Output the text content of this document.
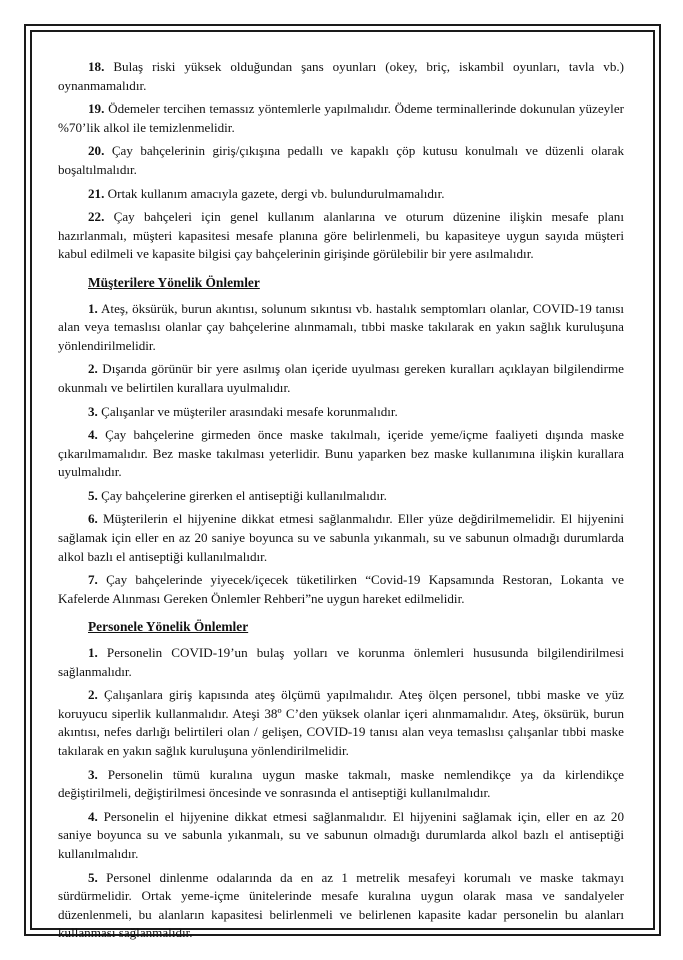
18. Bulaş riski yüksek olduğundan şans oyunları (okey, briç, iskambil oyunları, tavla vb.) oynanmamalıdır.

19. Ödemeler tercihen temassız yöntemlerle yapılmalıdır. Ödeme terminallerinde dokunulan yüzeyler %70’lik alkol ile temizlenmelidir.

20. Çay bahçelerinin giriş/çıkışına pedallı ve kapaklı çöp kutusu konulmalı ve düzenli olarak boşaltılmalıdır.

21. Ortak kullanım amacıyla gazete, dergi vb. bulundurulmamalıdır.

22. Çay bahçeleri için genel kullanım alanlarına ve oturum düzenine ilişkin mesafe planı hazırlanmalı, müşteri kapasitesi mesafe planına göre belirlenmeli, bu kapasiteye uygun sayıda müşteri kabul edilmeli ve kapasite bilgisi çay bahçelerinin girişinde görülebilir bir yere asılmalıdır.

Müşterilere Yönelik Önlemler

1. Ateş, öksürük, burun akıntısı, solunum sıkıntısı vb. hastalık semptomları olanlar, COVID-19 tanısı alan veya temaslısı olanlar çay bahçelerine alınmamalı, tıbbi maske takılarak en yakın sağlık kuruluşuna yönlendirilmelidir.

2. Dışarıda görünür bir yere asılmış olan içeride uyulması gereken kuralları açıklayan bilgilendirme okunmalı ve belirtilen kurallara uyulmalıdır.

3. Çalışanlar ve müşteriler arasındaki mesafe korunmalıdır.

4. Çay bahçelerine girmeden önce maske takılmalı, içeride yeme/içme faaliyeti dışında maske çıkarılmamalıdır. Bez maske takılması yeterlidir. Bunu yaparken bez maske kullanımına ilişkin kurallara uyulmalıdır.

5. Çay bahçelerine girerken el antiseptiği kullanılmalıdır.

6. Müşterilerin el hijyenine dikkat etmesi sağlanmalıdır. Eller yüze değdirilmemelidir. El hijyenini sağlamak için eller en az 20 saniye boyunca su ve sabunla yıkanmalı, su ve sabunun olmadığı durumlarda alkol bazlı el antiseptiği kullanılmalıdır.

7. Çay bahçelerinde yiyecek/içecek tüketilirken “Covid-19 Kapsamında Restoran, Lokanta ve Kafelerde Alınması Gereken Önlemler Rehberi”ne uygun hareket edilmelidir.

Personele Yönelik Önlemler

1. Personelin COVID-19’un bulaş yolları ve korunma önlemleri hususunda bilgilendirilmesi sağlanmalıdır.

2. Çalışanlara giriş kapısında ateş ölçümü yapılmalıdır. Ateş ölçen personel, tıbbi maske ve yüz koruyucu siperlik kullanmalıdır. Ateşi 38º C’den yüksek olanlar içeri alınmamalıdır. Ateş, öksürük, burun akıntısı, nefes darlığı belirtileri olan / gelişen, COVID-19 tanısı alan veya temaslısı çalışanlar tıbbi maske takılarak en yakın sağlık kuruluşuna yönlendirilmelidir.

3. Personelin tümü kuralına uygun maske takmalı, maske nemlendikçe ya da kirlendikçe değiştirilmeli, değiştirilmesi öncesinde ve sonrasında el antiseptiği kullanılmalıdır.

4. Personelin el hijyenine dikkat etmesi sağlanmalıdır. El hijyenini sağlamak için, eller en az 20 saniye boyunca su ve sabunla yıkanmalı, su ve sabunun olmadığı durumlarda alkol bazlı el antiseptiği kullanılmalıdır.

5. Personel dinlenme odalarında da en az 1 metrelik mesafeyi korumalı ve maske takmayı sürdürmelidir. Ortak yeme-içme ünitelerinde mesafe kuralına uygun olarak masa ve sandalyeler düzenlenmeli, bu alanların kapasitesi belirlenmeli ve belirlenen kapasite kadar personelin bu alanları kullanması sağlanmalıdır.
